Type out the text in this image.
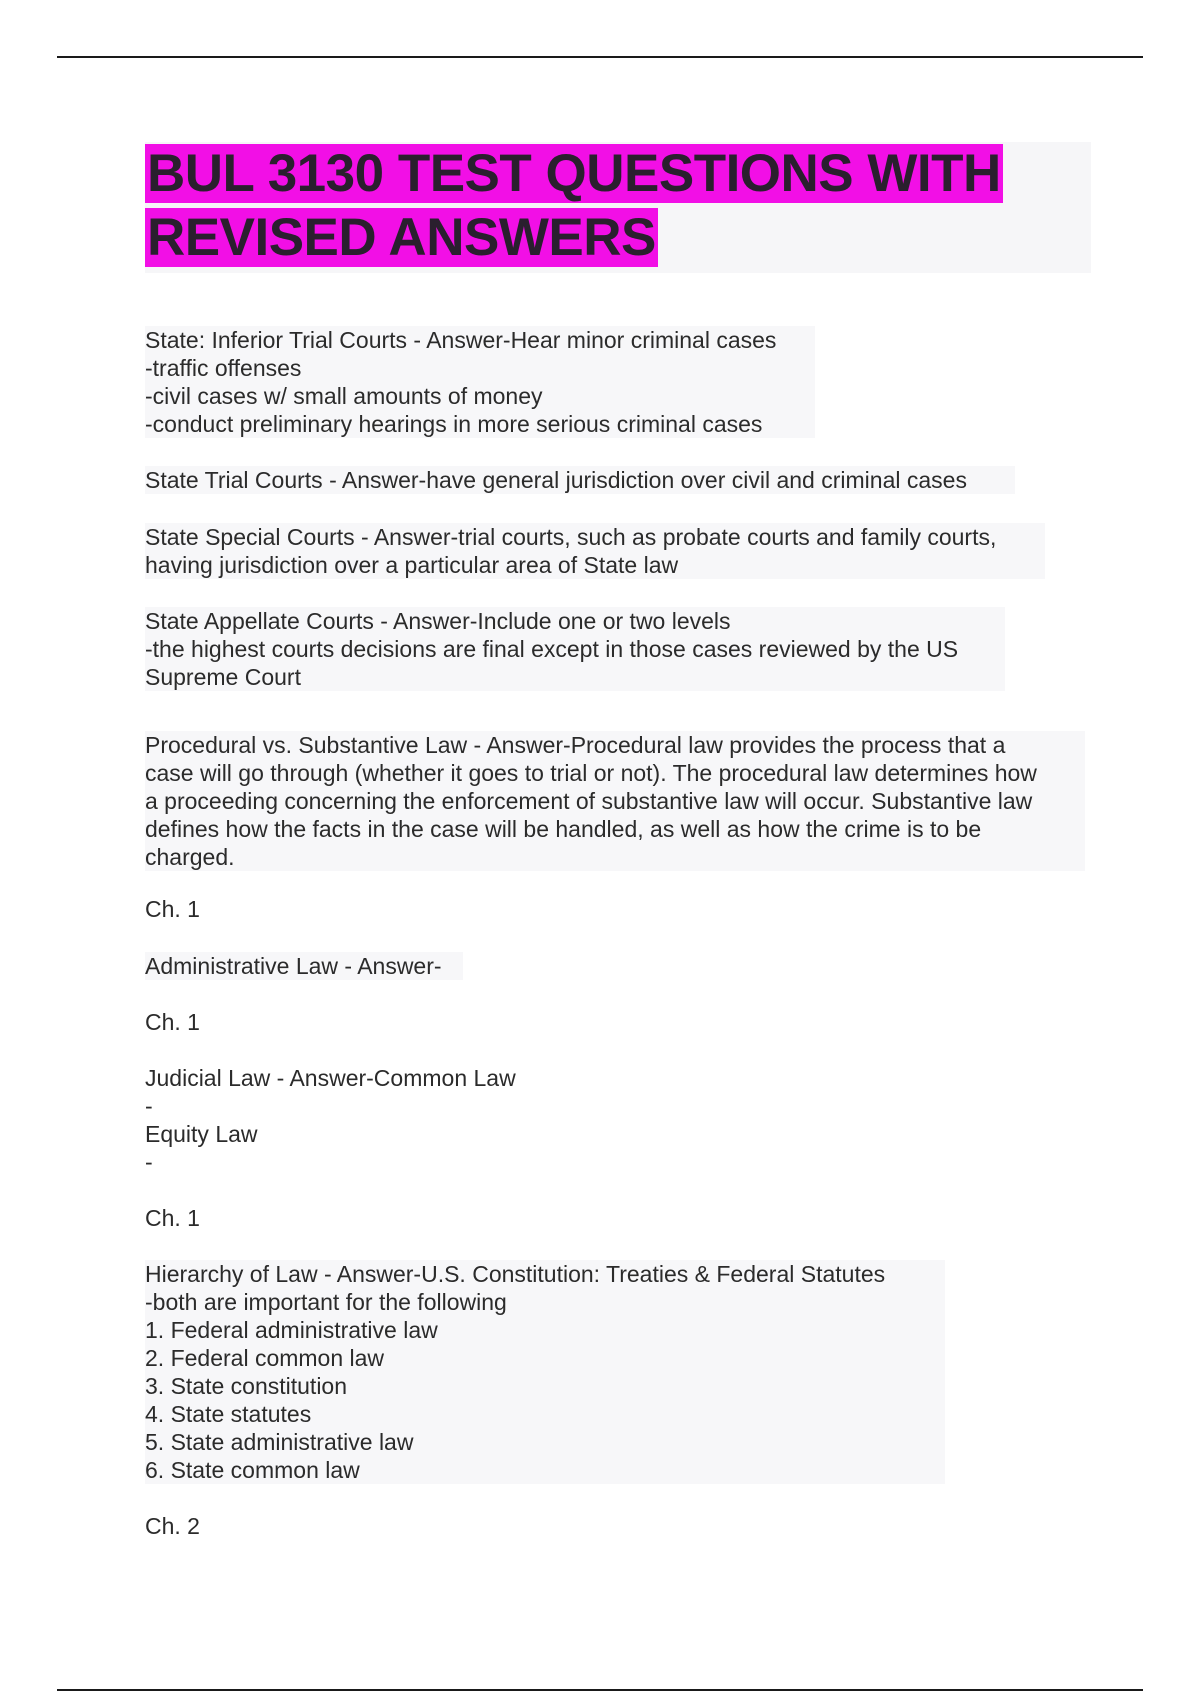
BUL 3130 TEST QUESTIONS WITH
REVISED ANSWERS
State: Inferior Trial Courts - Answer-Hear minor criminal cases
-traffic offenses
-civil cases w/ small amounts of money
-conduct preliminary hearings in more serious criminal cases
State Trial Courts - Answer-have general jurisdiction over civil and criminal cases
State Special Courts - Answer-trial courts, such as probate courts and family courts,
having jurisdiction over a particular area of State law
State Appellate Courts - Answer-Include one or two levels
-the highest courts decisions are final except in those cases reviewed by the US
Supreme Court
Procedural vs. Substantive Law - Answer-Procedural law provides the process that a
case will go through (whether it goes to trial or not). The procedural law determines how
a proceeding concerning the enforcement of substantive law will occur. Substantive law
defines how the facts in the case will be handled, as well as how the crime is to be
charged.
Ch. 1
Administrative Law - Answer-
Ch. 1
Judicial Law - Answer-Common Law
-
Equity Law
-
Ch. 1
Hierarchy of Law - Answer-U.S. Constitution: Treaties & Federal Statutes
-both are important for the following
1. Federal administrative law
2. Federal common law
3. State constitution
4. State statutes
5. State administrative law
6. State common law
Ch. 2
